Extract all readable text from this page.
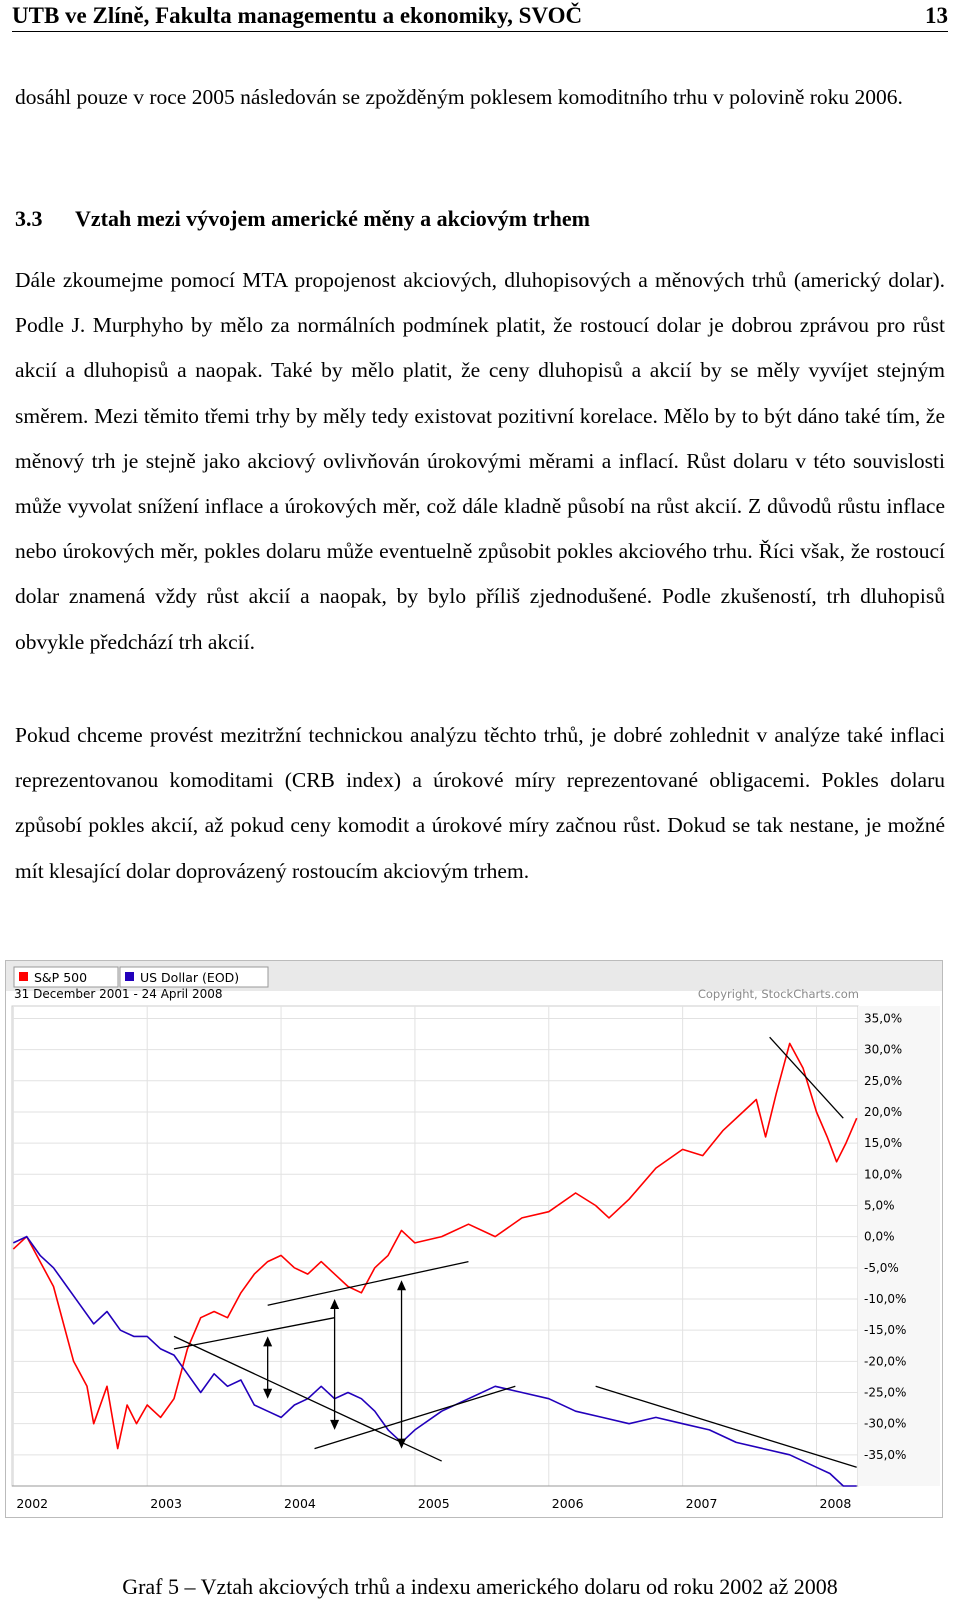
UTB ve Zlíně, Fakulta managementu a ekonomiky, SVOČ	13

dosáhl pouze v roce 2005 následován se zpožděným poklesem komoditního trhu v polovině roku 2006.

3.3 Vztah mezi vývojem americké měny a akciovým trhem

Dále zkoumejme pomocí MTA propojenost akciových, dluhopisových a měnových trhů (americký dolar). Podle J. Murphyho by mělo za normálních podmínek platit, že rostoucí dolar je dobrou zprávou pro růst akcií a dluhopisů a naopak. Také by mělo platit, že ceny dluhopisů a akcií by se měly vyvíjet stejným směrem. Mezi těmito třemi trhy by měly tedy existovat pozitivní korelace. Mělo by to být dáno také tím, že měnový trh je stejně jako akciový ovlivňován úrokovými měrami a inflací. Růst dolaru v této souvislosti může vyvolat snížení inflace a úrokových měr, což dále kladně působí na růst akcií. Z důvodů růstu inflace nebo úrokových měr, pokles dolaru může eventuelně způsobit pokles akciového trhu. Říci však, že rostoucí dolar znamená vždy růst akcií a naopak, by bylo příliš zjednodušené. Podle zkušeností, trh dluhopisů obvykle předchází trh akcií.

Pokud chceme provést mezitržní technickou analýzu těchto trhů, je dobré zohlednit v analýze také inflaci reprezentovanou komoditami (CRB index) a úrokové míry reprezentované obligacemi. Pokles dolaru způsobí pokles akcií, až pokud ceny komodit a úrokové míry začnou růst. Dokud se tak nestane, je možné mít klesající dolar doprovázený rostoucím akciovým trhem.

S&P 500	US Dollar (EOD)
31 December 2001 - 24 April 2008	Copyright, StockCharts.com
35,0%
30,0%
25,0%
20,0%
15,0%
10,0%
5,0%
0,0%
-5,0%
-10,0%
-15,0%
-20,0%
-25,0%
-30,0%
-35,0%
2002	2003	2004	2005	2006	2007	2008

Graf 5 – Vztah akciových trhů a indexu amerického dolaru od roku 2002 až 2008
